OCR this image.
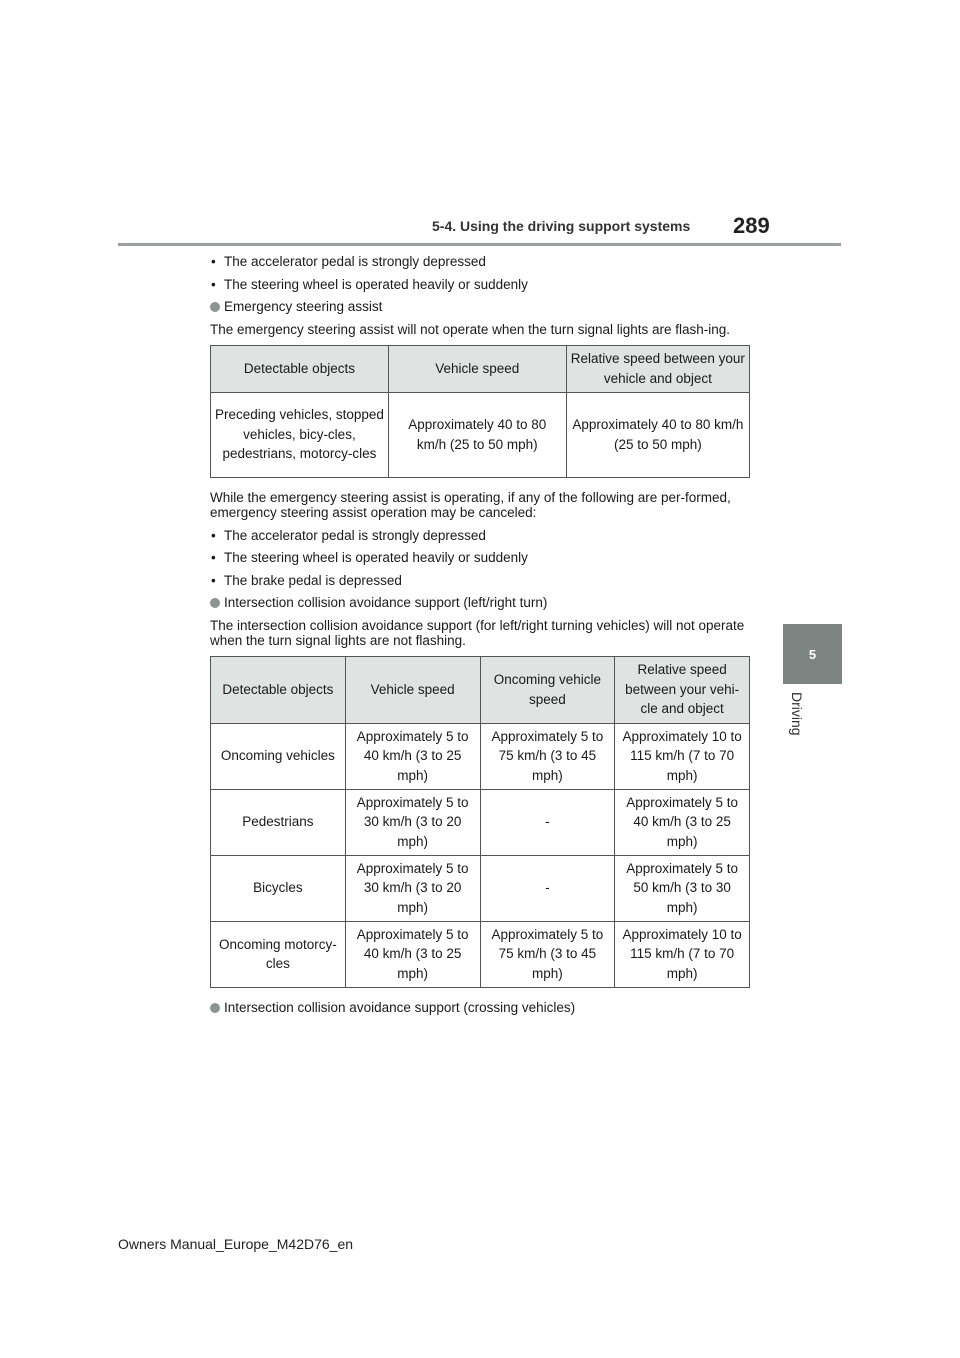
5-4. Using the driving support systems 289
5
Driving
• The accelerator pedal is strongly depressed
• The steering wheel is operated heavily or suddenly
Emergency steering assist

The emergency steering assist will not operate when the turn signal lights are flash-ing.

Detectable objects	Vehicle speed	Relative speed between your vehicle and object
Preceding vehicles, stopped vehicles, bicy-cles, pedestrians, motorcy-cles	Approximately 40 to 80 km/h (25 to 50 mph)	Approximately 40 to 80 km/h (25 to 50 mph)

While the emergency steering assist is operating, if any of the following are per-formed, emergency steering assist operation may be canceled:

• The accelerator pedal is strongly depressed
• The steering wheel is operated heavily or suddenly
• The brake pedal is depressed
Intersection collision avoidance support (left/right turn)

The intersection collision avoidance support (for left/right turning vehicles) will not operate when the turn signal lights are not flashing.

Detectable objects	Vehicle speed	Oncoming vehicle speed	Relative speed between your vehi-cle and object
Oncoming vehicles	Approximately 5 to 40 km/h (3 to 25 mph)	Approximately 5 to 75 km/h (3 to 45 mph)	Approximately 10 to 115 km/h (7 to 70 mph)
Pedestrians	Approximately 5 to 30 km/h (3 to 20 mph)	-	Approximately 5 to 40 km/h (3 to 25 mph)
Bicycles	Approximately 5 to 30 km/h (3 to 20 mph)	-	Approximately 5 to 50 km/h (3 to 30 mph)
Oncoming motorcy-cles	Approximately 5 to 40 km/h (3 to 25 mph)	Approximately 5 to 75 km/h (3 to 45 mph)	Approximately 10 to 115 km/h (7 to 70 mph)
Intersection collision avoidance support (crossing vehicles)
Owners Manual_Europe_M42D76_en
